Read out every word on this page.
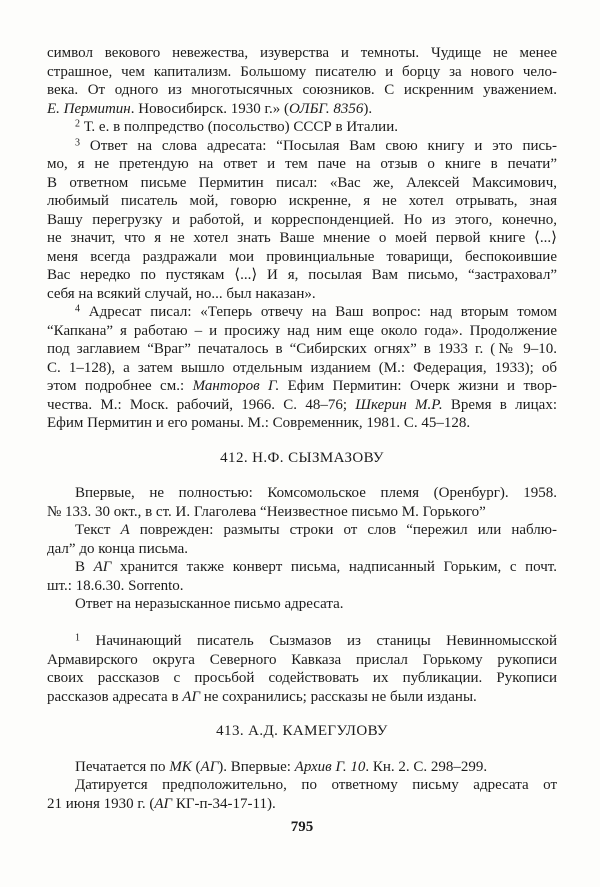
символ векового невежества, изуверства и темноты. Чудище не менее
страшное, чем капитализм. Большому писателю и борцу за нового чело-
века. От одного из многотысячных союзников. С искренним уважением.
Е. Пермитин. Новосибирск. 1930 г.» (ОЛБГ. 8356).
$^2$ Т. е. в полпредство (посольство) СССР в Италии.
$^3$ Ответ на слова адресата: “Посылая Вам свою книгу и это пись-
мо, я не претендую на ответ и тем паче на отзыв о книге в печати”
В ответном письме Пермитин писал: «Вас же, Алексей Максимович,
любимый писатель мой, говорю искренне, я не хотел отрывать, зная
Вашу перегрузку и работой, и корреспонденцией. Но из этого, конечно,
не значит, что я не хотел знать Ваше мнение о моей первой книге ⟨...⟩
меня всегда раздражали мои провинциальные товарищи, беспокоившие
Вас нередко по пустякам ⟨...⟩ И я, посылая Вам письмо, “застраховал”
себя на всякий случай, но... был наказан».
$^4$ Адресат писал: «Теперь отвечу на Ваш вопрос: над вторым томом
“Капкана” я работаю – и просижу над ним еще около года». Продолжение
под заглавием “Враг” печаталось в “Сибирских огнях” в 1933 г. (№ 9–10.
С. 1–128), а затем вышло отдельным изданием (М.: Федерация, 1933); об
этом подробнее см.: Манторов Г. Ефим Пермитин: Очерк жизни и твор-
чества. М.: Моск. рабочий, 1966. С. 48–76; Шкерин М.Р. Время в лицах:
Ефим Пермитин и его романы. М.: Современник, 1981. С. 45–128.
412. Н.Ф. СЫЗМАЗОВУ
Впервые, не полностью: Комсомольское племя (Оренбург). 1958.
№ 133. 30 окт., в ст. И. Глаголева “Неизвестное письмо М. Горького”
Текст А поврежден: размыты строки от слов “пережил или наблю-
дал” до конца письма.
В АГ хранится также конверт письма, надписанный Горьким, с почт.
шт.: 18.6.30. Sorrento.
Ответ на неразысканное письмо адресата.
$^1$ Начинающий писатель Сызмазов из станицы Невинномысской
Армавирского округа Северного Кавказа прислал Горькому рукописи
своих рассказов с просьбой содействовать их публикации. Рукописи
рассказов адресата в АГ не сохранились; рассказы не были изданы.
413. А.Д. КАМЕГУЛОВУ
Печатается по МК (АГ). Впервые: Архив Г. 10. Кн. 2. С. 298–299.
Датируется предположительно, по ответному письму адресата от
21 июня 1930 г. (АГ КГ-п-34-17-11).
795
